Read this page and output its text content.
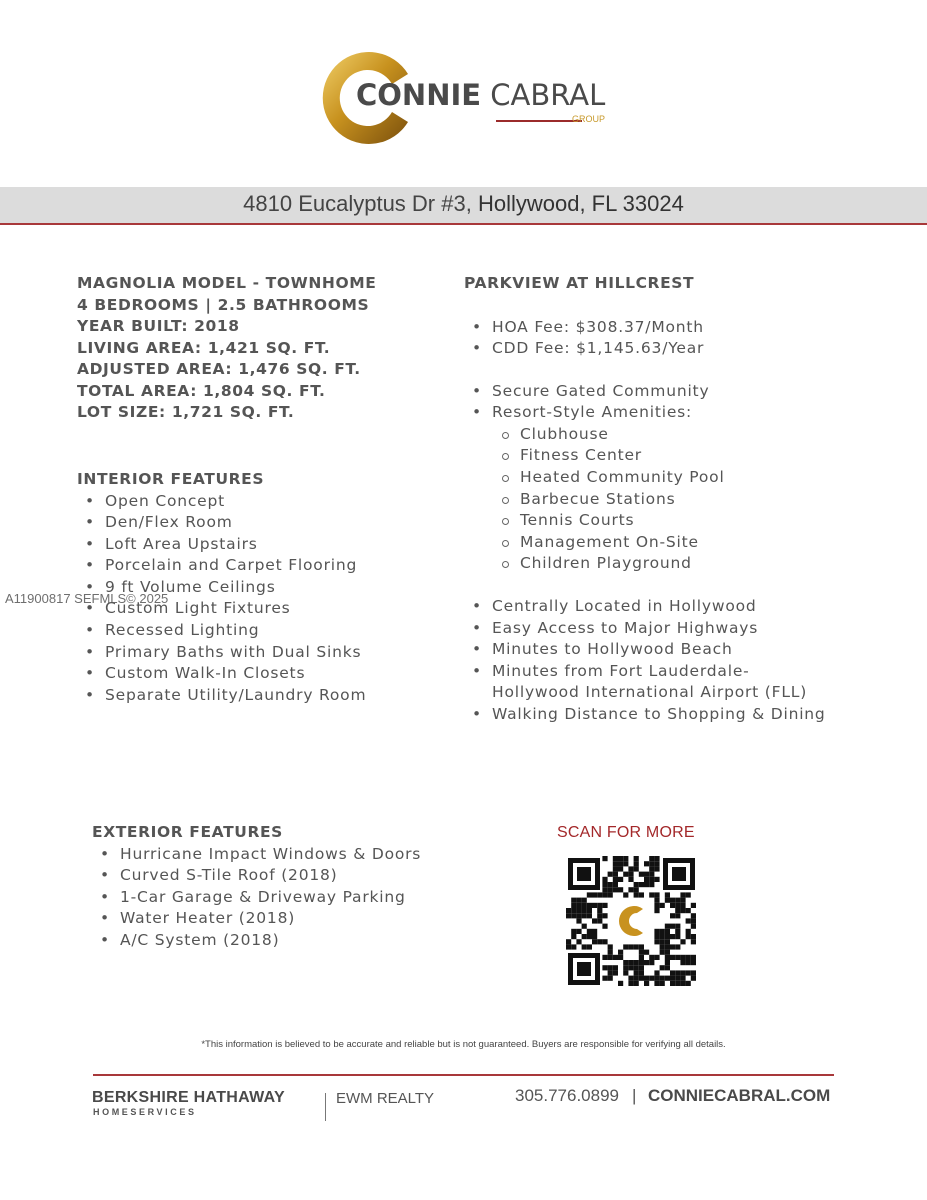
CONNIE CABRAL
GROUP
4810 Eucalyptus Dr #3, Hollywood, FL 33024
MAGNOLIA MODEL - TOWNHOME
4 BEDROOMS | 2.5 BATHROOMS
YEAR BUILT: 2018
LIVING AREA: 1,421 SQ. FT.
ADJUSTED AREA: 1,476 SQ. FT.
TOTAL AREA: 1,804 SQ. FT.
LOT SIZE: 1,721 SQ. FT.
INTERIOR FEATURES
• Open Concept
• Den/Flex Room
• Loft Area Upstairs
• Porcelain and Carpet Flooring
• 9 ft Volume Ceilings
• Custom Light Fixtures
• Recessed Lighting
• Primary Baths with Dual Sinks
• Custom Walk-In Closets
• Separate Utility/Laundry Room
PARKVIEW AT HILLCREST
• HOA Fee: $308.37/Month
• CDD Fee: $1,145.63/Year
• Secure Gated Community
• Resort-Style Amenities:
Clubhouse
Fitness Center
Heated Community Pool
Barbecue Stations
Tennis Courts
Management On-Site
Children Playground
• Centrally Located in Hollywood
• Easy Access to Major Highways
• Minutes to Hollywood Beach
• Minutes from Fort Lauderdale-Hollywood International Airport (FLL)
• Walking Distance to Shopping & Dining
A11900817 SEFMLS© 2025
EXTERIOR FEATURES
• Hurricane Impact Windows & Doors
• Curved S-Tile Roof (2018)
• 1-Car Garage & Driveway Parking
• Water Heater (2018)
• A/C System (2018)
SCAN FOR MORE
*This information is believed to be accurate and reliable but is not guaranteed. Buyers are responsible for verifying all details.
BERKSHIRE HATHAWAY
HOMESERVICES
EWM REALTY	305.776.0899 | CONNIECABRAL.COM
